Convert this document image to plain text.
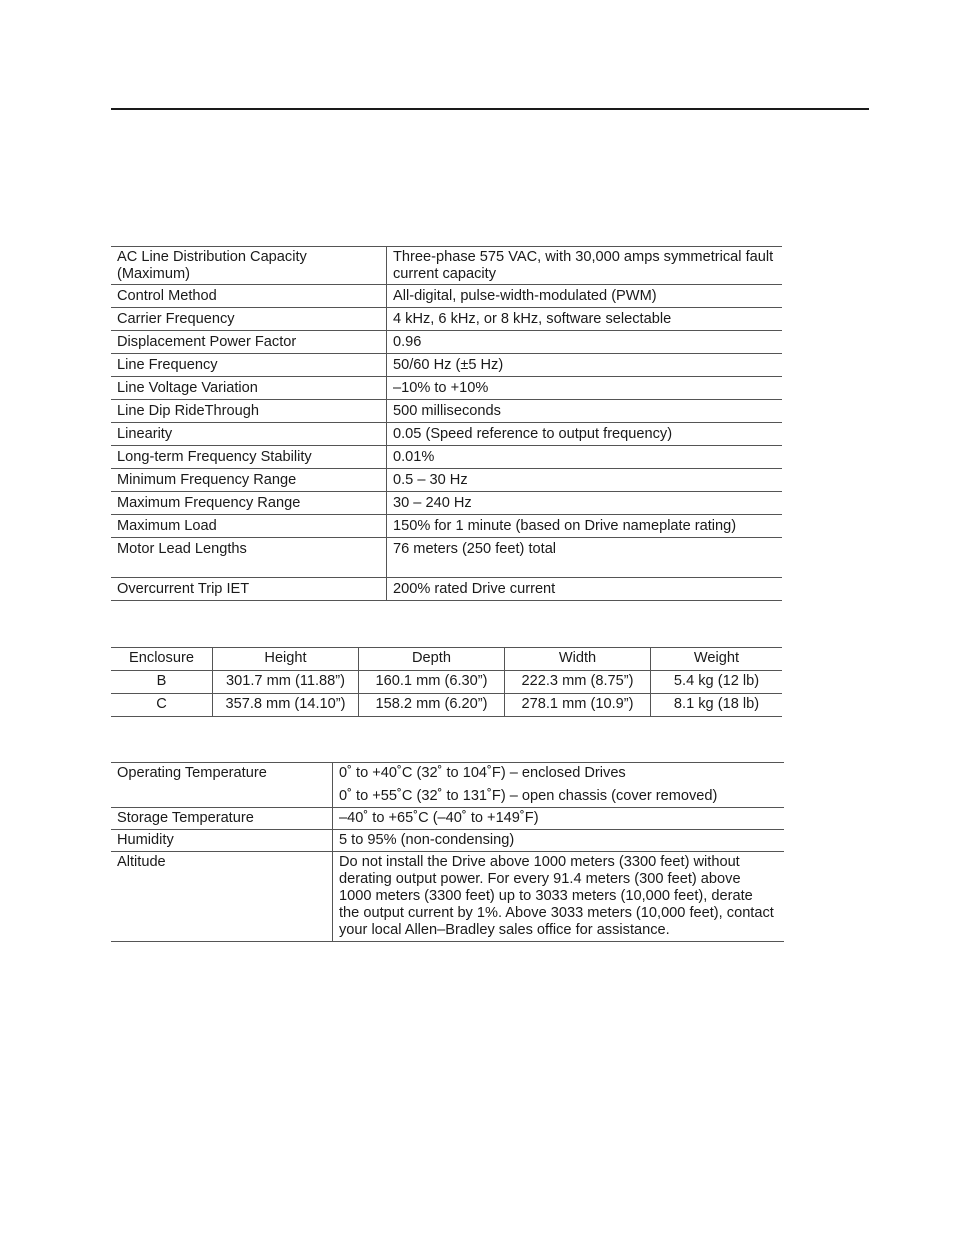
AC Line Distribution Capacity (Maximum)	Three-phase 575 VAC, with 30,000 amps symmetrical fault current capacity
Control Method	All-digital, pulse-width-modulated (PWM)
Carrier Frequency	4 kHz, 6 kHz, or 8 kHz, software selectable
Displacement Power Factor	0.96
Line Frequency	50/60 Hz (±5 Hz)
Line Voltage Variation	–10% to +10%
Line Dip RideThrough	500 milliseconds
Linearity	0.05 (Speed reference to output frequency)
Long-term Frequency Stability	0.01%
Minimum Frequency Range	0.5 – 30 Hz
Maximum Frequency Range	30 – 240 Hz
Maximum Load	150% for 1 minute (based on Drive nameplate rating)
Motor Lead Lengths	76 meters (250 feet) total
Overcurrent Trip IET	200% rated Drive current
Enclosure	Height	Depth	Width	Weight
B	301.7 mm (11.88”)	160.1 mm (6.30”)	222.3 mm (8.75”)	5.4 kg (12 lb)
C	357.8 mm (14.10”)	158.2 mm (6.20”)	278.1 mm (10.9”)	8.1 kg (18 lb)
Operating Temperature	0˚ to +40˚C (32˚ to 104˚F) – enclosed Drives
0˚ to +55˚C (32˚ to 131˚F) – open chassis (cover removed)

Storage Temperature	–40˚ to +65˚C (–40˚ to +149˚F)
Humidity	5 to 95% (non-condensing)
Altitude	Do not install the Drive above 1000 meters (3300 feet) without derating output power. For every 91.4 meters (300 feet) above 1000 meters (3300 feet) up to 3033 meters (10,000 feet), derate the output current by 1%. Above 3033 meters (10,000 feet), contact your local Allen–Bradley sales office for assistance.
